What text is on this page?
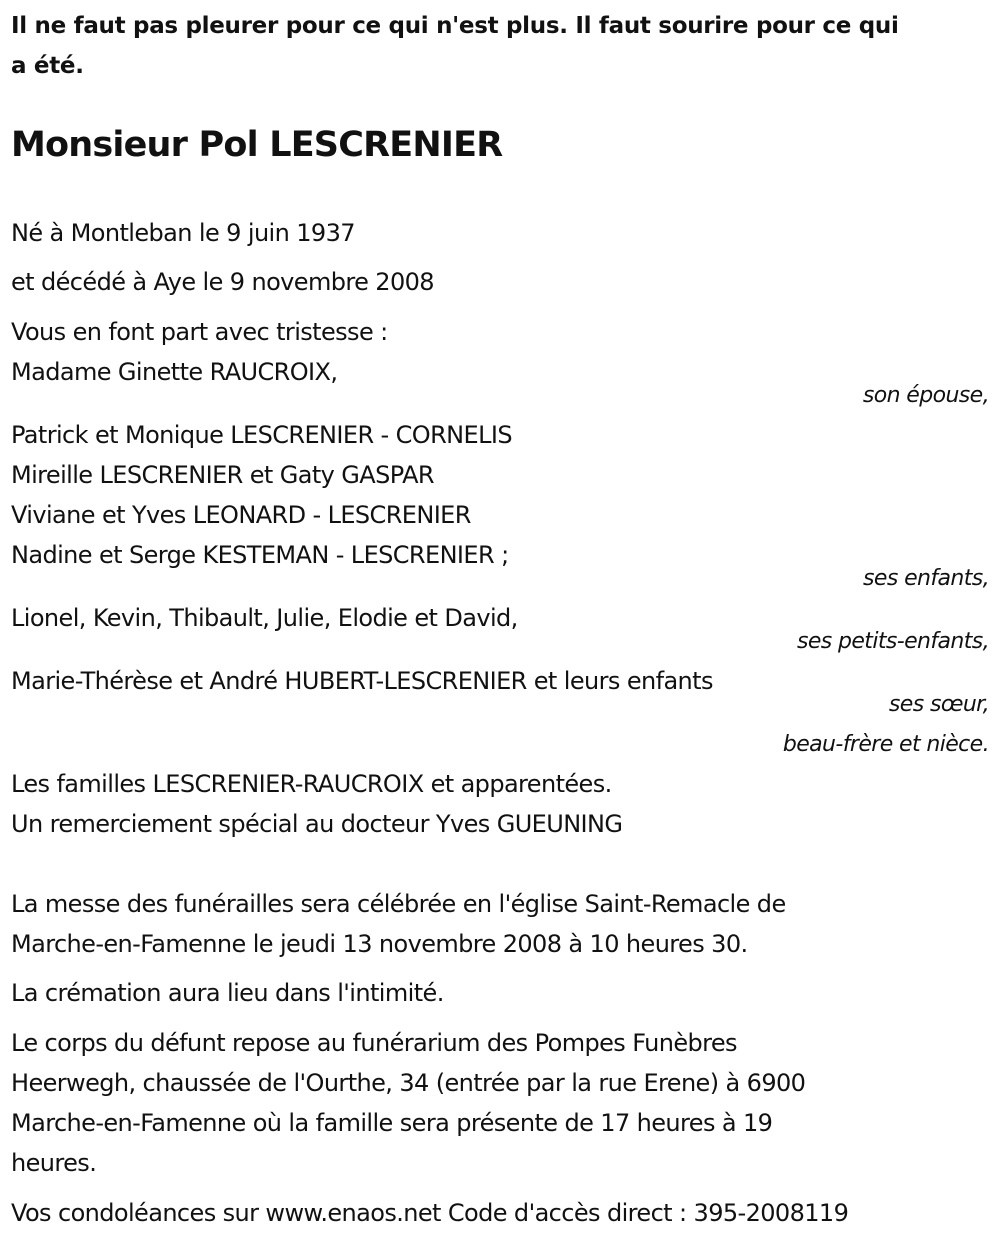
Il ne faut pas pleurer pour ce qui n'est plus. Il faut sourire pour ce qui
a été.
Monsieur Pol LESCRENIER
Né à Montleban le 9 juin 1937
et décédé à Aye le 9 novembre 2008
Vous en font part avec tristesse :
Madame Ginette RAUCROIX,
son épouse,
Patrick et Monique LESCRENIER - CORNELIS
Mireille LESCRENIER et Gaty GASPAR
Viviane et Yves LEONARD - LESCRENIER
Nadine et Serge KESTEMAN - LESCRENIER ;
ses enfants,
Lionel, Kevin, Thibault, Julie, Elodie et David,
ses petits-enfants,
Marie-Thérèse et André HUBERT-LESCRENIER et leurs enfants
ses sœur,
beau-frère et nièce.
Les familles LESCRENIER-RAUCROIX et apparentées.
Un remerciement spécial au docteur Yves GUEUNING
La messe des funérailles sera célébrée en l'église Saint-Remacle de
Marche-en-Famenne le jeudi 13 novembre 2008 à 10 heures 30.
La crémation aura lieu dans l'intimité.
Le corps du défunt repose au funérarium des Pompes Funèbres
Heerwegh, chaussée de l'Ourthe, 34 (entrée par la rue Erene) à 6900
Marche-en-Famenne où la famille sera présente de 17 heures à 19
heures.
Vos condoléances sur www.enaos.net Code d'accès direct : 395-2008119
